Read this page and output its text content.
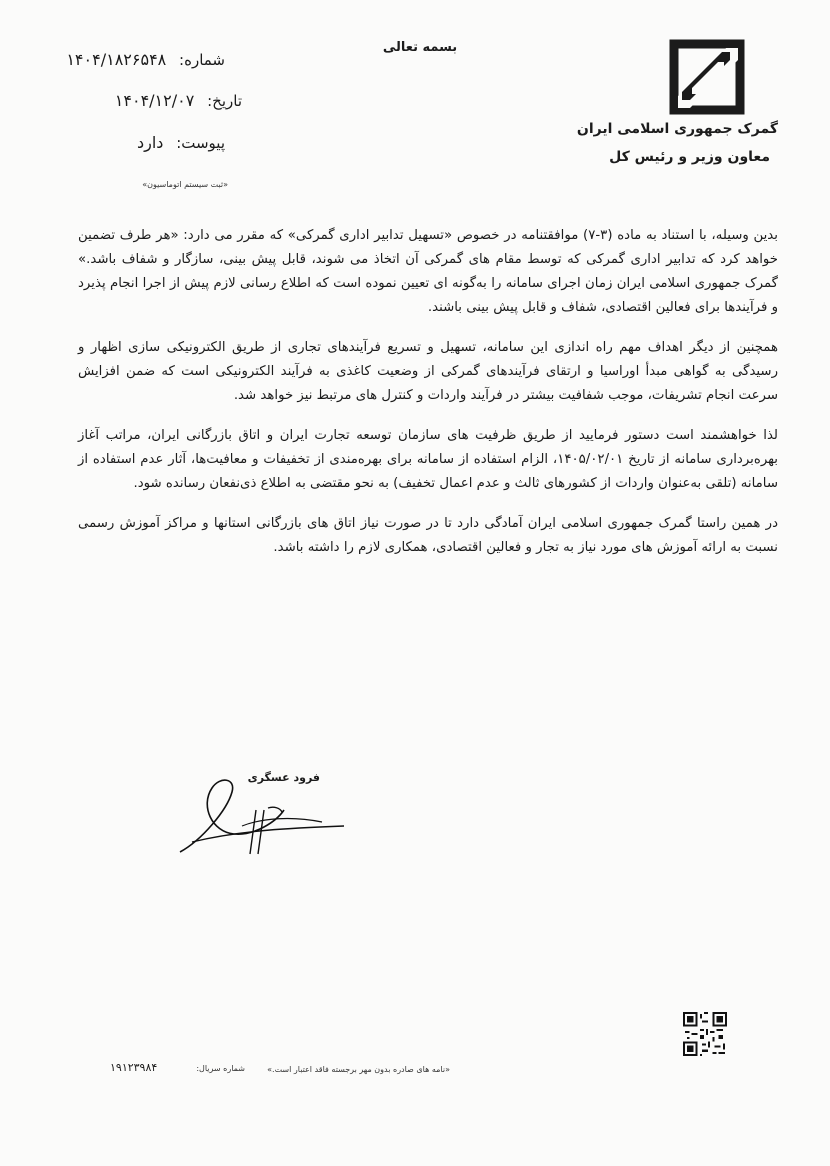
بسمه تعالی
گمرک جمهوری اسلامی ایران
معاون وزیر و رئیس کل
شماره: ۱۴۰۴/۱۸۲۶۵۴۸
تاریخ: ۱۴۰۴/۱۲/۰۷
پیوست: دارد
«ثبت سیستم اتوماسیون»

بدین وسیله، با استناد به ماده (۳-۷) موافقتنامه در خصوص «تسهیل تدابیر اداری گمرکی» که مقرر می دارد: «هر طرف تضمین خواهد کرد که تدابیر اداری گمرکی که توسط مقام های گمرکی آن اتخاذ می شوند، قابل پیش بینی، سازگار و شفاف باشد.» گمرک جمهوری اسلامی ایران زمان اجرای سامانه را به‌گونه ای تعیین نموده است که اطلاع رسانی لازم پیش از اجرا انجام پذیرد و فرآیندها برای فعالین اقتصادی، شفاف و قابل پیش بینی باشند.

همچنین از دیگر اهداف مهم راه اندازی این سامانه، تسهیل و تسریع فرآیندهای تجاری از طریق الکترونیکی سازی اظهار و رسیدگی به گواهی مبدأ اوراسیا و ارتقای فرآیندهای گمرکی از وضعیت کاغذی به فرآیند الکترونیکی است که ضمن افزایش سرعت انجام تشریفات، موجب شفافیت بیشتر در فرآیند واردات و کنترل های مرتبط نیز خواهد شد.

لذا خواهشمند است دستور فرمایید از طریق ظرفیت های سازمان توسعه تجارت ایران و اتاق بازرگانی ایران، مراتب آغاز بهره‌برداری سامانه از تاریخ ۱۴۰۵/۰۲/۰۱، الزام استفاده از سامانه برای بهره‌مندی از تخفیفات و معافیت‌ها، آثار عدم استفاده از سامانه (تلقی به‌عنوان واردات از کشورهای ثالث و عدم اعمال تخفیف) به نحو مقتضی به اطلاع ذی‌نفعان رسانده شود.

در همین راستا گمرک جمهوری اسلامی ایران آمادگی دارد تا در صورت نیاز اتاق های بازرگانی استانها و مراکز آموزش رسمی نسبت به ارائه آموزش های مورد نیاز به تجار و فعالین اقتصادی، همکاری لازم را داشته باشد.

فرود عسگری
«نامه های صادره بدون مهر برجسته فاقد اعتبار است.»
شماره سریال:
۱۹۱۲۳۹۸۴
